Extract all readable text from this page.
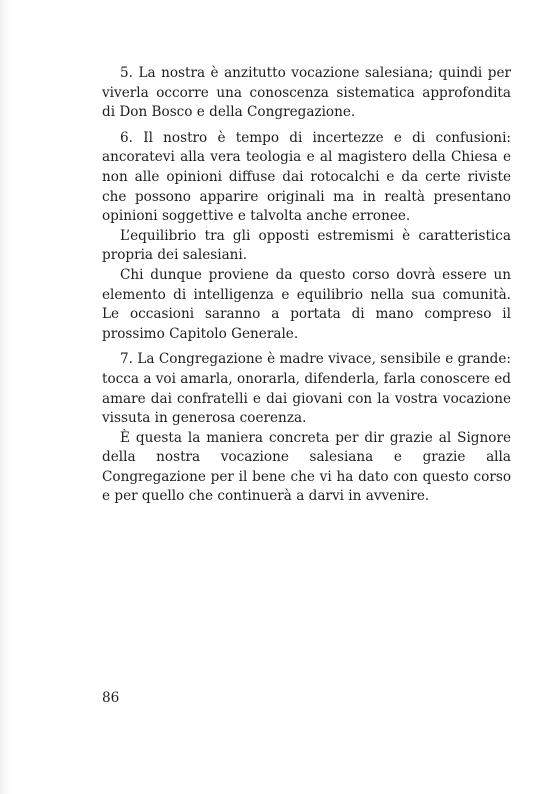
5. La nostra è anzitutto vocazione salesiana; quindi per viverla occorre una conoscenza sistematica approfondita di Don Bosco e della Congregazione.

6. Il nostro è tempo di incertezze e di confusioni: ancoratevi alla vera teologia e al magistero della Chiesa e non alle opinioni diffuse dai rotocalchi e da certe riviste che possono apparire originali ma in realtà presentano opinioni soggettive e talvolta anche erronee.

L’equilibrio tra gli opposti estremismi è caratteristica propria dei salesiani.

Chi dunque proviene da questo corso dovrà essere un elemento di intelligenza e equilibrio nella sua comunità. Le occasioni saranno a portata di mano compreso il prossimo Capitolo Generale.

7. La Congregazione è madre vivace, sensibile e grande: tocca a voi amarla, onorarla, difenderla, farla conoscere ed amare dai confratelli e dai giovani con la vostra vocazione vissuta in generosa coerenza.

È questa la maniera concreta per dir grazie al Signore della nostra vocazione salesiana e grazie alla Congregazione per il bene che vi ha dato con questo corso e per quello che continuerà a darvi in avvenire.

86
